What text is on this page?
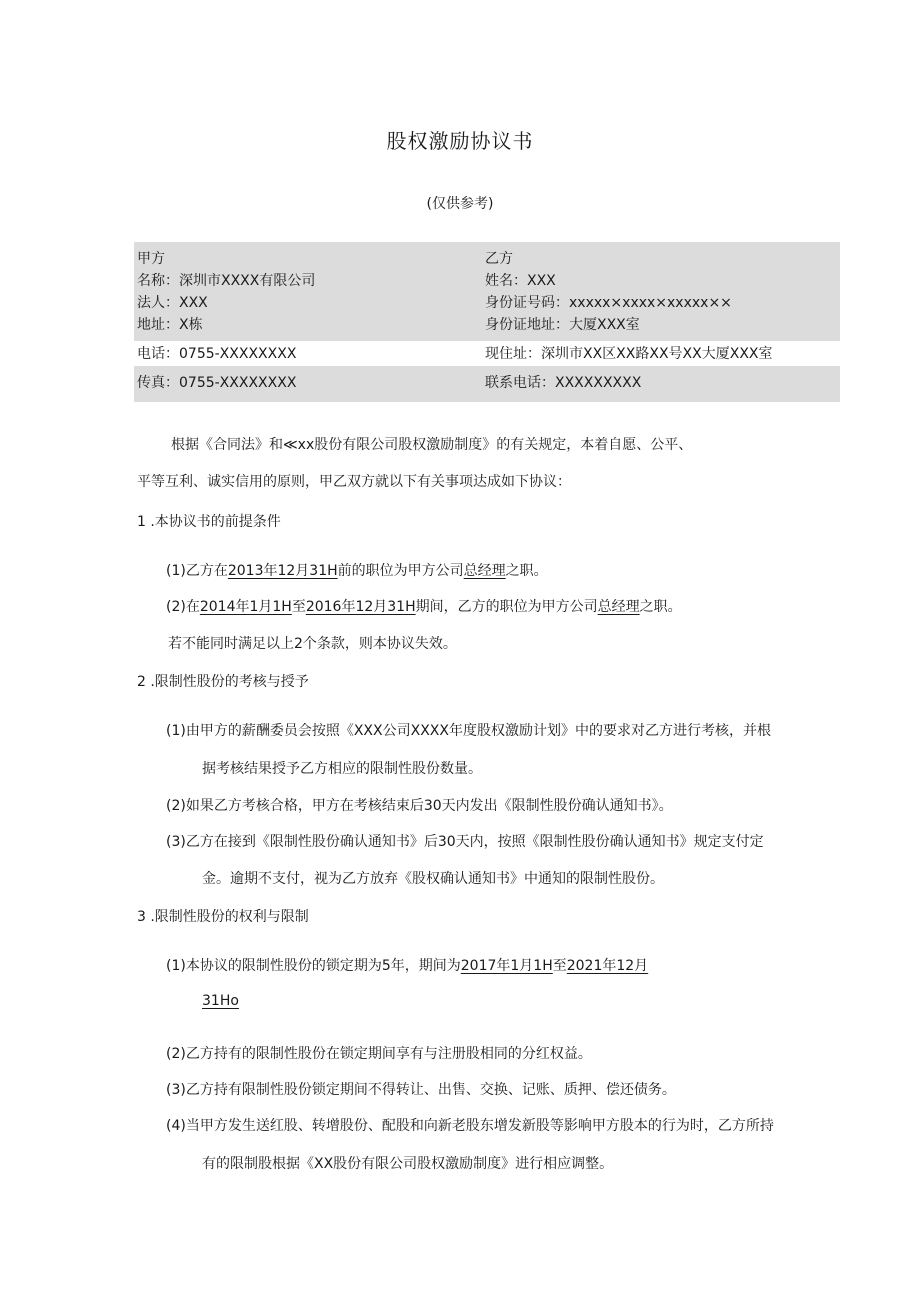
股权激励协议书
(仅供参考)
甲方	乙方
名称：深圳市XXXX有限公司	姓名：XXX
法人：XXX	身份证号码：xxxxx×xxxx×xxxxx××
地址：X栋	身份证地址：大厦XXX室
电话：0755-XXXXXXXX	现住址：深圳市XX区XX路XX号XX大厦XXX室
传真：0755-XXXXXXXX	联系电话：XXXXXXXXX
根据《合同法》和≪xx股份有限公司股权激励制度》的有关规定，本着自愿、公平、
平等互利、诚实信用的原则，甲乙双方就以下有关事项达成如下协议：
1 .本协议书的前提条件
(1)乙方在2013年12月31H前的职位为甲方公司总经理之职。
(2)在2014年1月1H至2016年12月31H期间，乙方的职位为甲方公司总经理之职。
若不能同时满足以上2个条款，则本协议失效。
2 .限制性股份的考核与授予
(1)由甲方的薪酬委员会按照《XXX公司XXXX年度股权激励计划》中的要求对乙方进行考核，并根
据考核结果授予乙方相应的限制性股份数量。
(2)如果乙方考核合格，甲方在考核结束后30天内发出《限制性股份确认通知书》。
(3)乙方在接到《限制性股份确认通知书》后30天内，按照《限制性股份确认通知书》规定支付定
金。逾期不支付，视为乙方放弃《股权确认通知书》中通知的限制性股份。
3 .限制性股份的权利与限制
(1)本协议的限制性股份的锁定期为5年，期间为2017年1月1H至2021年12月
31Ho
(2)乙方持有的限制性股份在锁定期间享有与注册股相同的分红权益。
(3)乙方持有限制性股份锁定期间不得转让、出售、交换、记账、质押、偿还债务。
(4)当甲方发生送红股、转增股份、配股和向新老股东增发新股等影响甲方股本的行为时，乙方所持
有的限制股根据《XX股份有限公司股权激励制度》进行相应调整。
